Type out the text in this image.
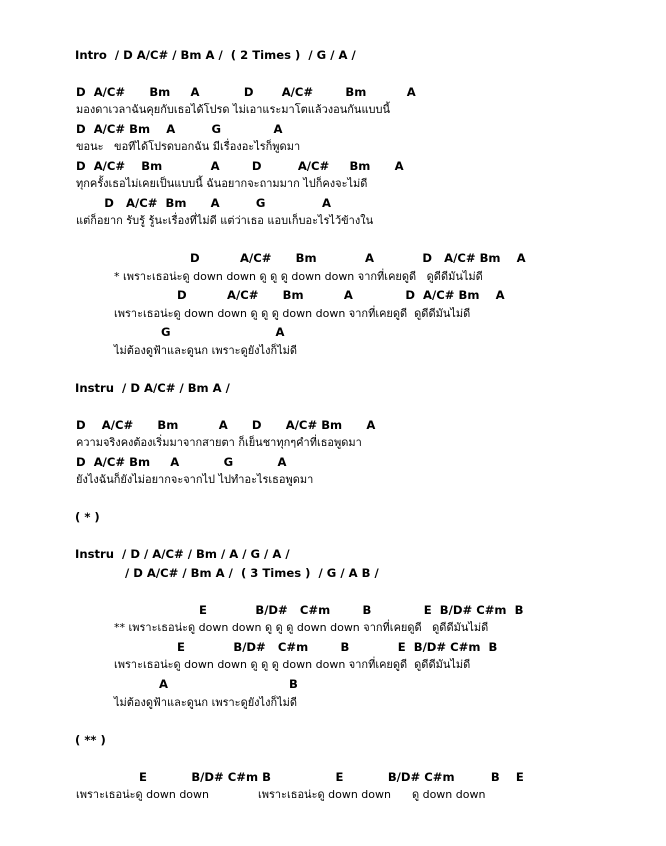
Intro  / D A/C# / Bm A /  ( 2 Times )  / G / A /
D  A/C#      Bm     A           D       A/C#        Bm          A
มองดาเวลาฉันคุยกับเธอได้โปรด ไม่เอาแระมาโตแล้วงอนกันแบบนี้
D  A/C# Bm    A         G             A
ขอนะ   ขอทีได้โปรดบอกฉัน มีเรื่องอะไรก็พูดมา
D  A/C#    Bm            A        D         A/C#     Bm      A
ทุกครั้งเธอไม่เคยเป็นแบบนี้ ฉันอยากจะถามมาก ไปก็คงจะไม่ดี
D   A/C#  Bm      A         G              A
แต่ก็อยาก รับรู้ รู้นะเรื่องที่ไม่ดี แต่ว่าเธอ แอบเก็บอะไรไว้ข้างใน
D          A/C#      Bm            A            D   A/C# Bm    A
* เพราะเธอน่ะดู down down ดู ดู ดู down down จากที่เคยดูดี   ดูดีดีมันไม่ดี
D          A/C#      Bm          A             D  A/C# Bm    A
เพราะเธอน่ะดู down down ดู ดู ดู down down จากที่เคยดูดี  ดูดีดีมันไม่ดี
G                          A
ไม่ต้องดูฟ้าและดูนก เพราะดูยังไงก็ไม่ดี
Instru  / D A/C# / Bm A /
D    A/C#      Bm          A      D      A/C# Bm      A
ความจริงคงต้องเริ่มมาจากสายตา ก็เย็นชาทุกๆคำที่เธอพูดมา
D  A/C# Bm     A           G           A
ยังไงฉันก็ยังไม่อยากจะจากไป ไปทำอะไรเธอพูดมา
( * )
Instru  / D / A/C# / Bm / A / G / A /
/ D A/C# / Bm A /  ( 3 Times )  / G / A B /
E            B/D#   C#m        B             E  B/D# C#m  B
** เพราะเธอน่ะดู down down ดู ดู ดู down down จากที่เคยดูดี   ดูดีดีมันไม่ดี
E            B/D#   C#m        B            E  B/D# C#m  B
เพราะเธอน่ะดู down down ดู ดู ดู down down จากที่เคยดูดี  ดูดีดีมันไม่ดี
A                              B
ไม่ต้องดูฟ้าและดูนก เพราะดูยังไงก็ไม่ดี
( ** )
E           B/D# C#m B                E           B/D# C#m         B    E
เพราะเธอน่ะดู down down              เพราะเธอน่ะดู down down      ดู down down
